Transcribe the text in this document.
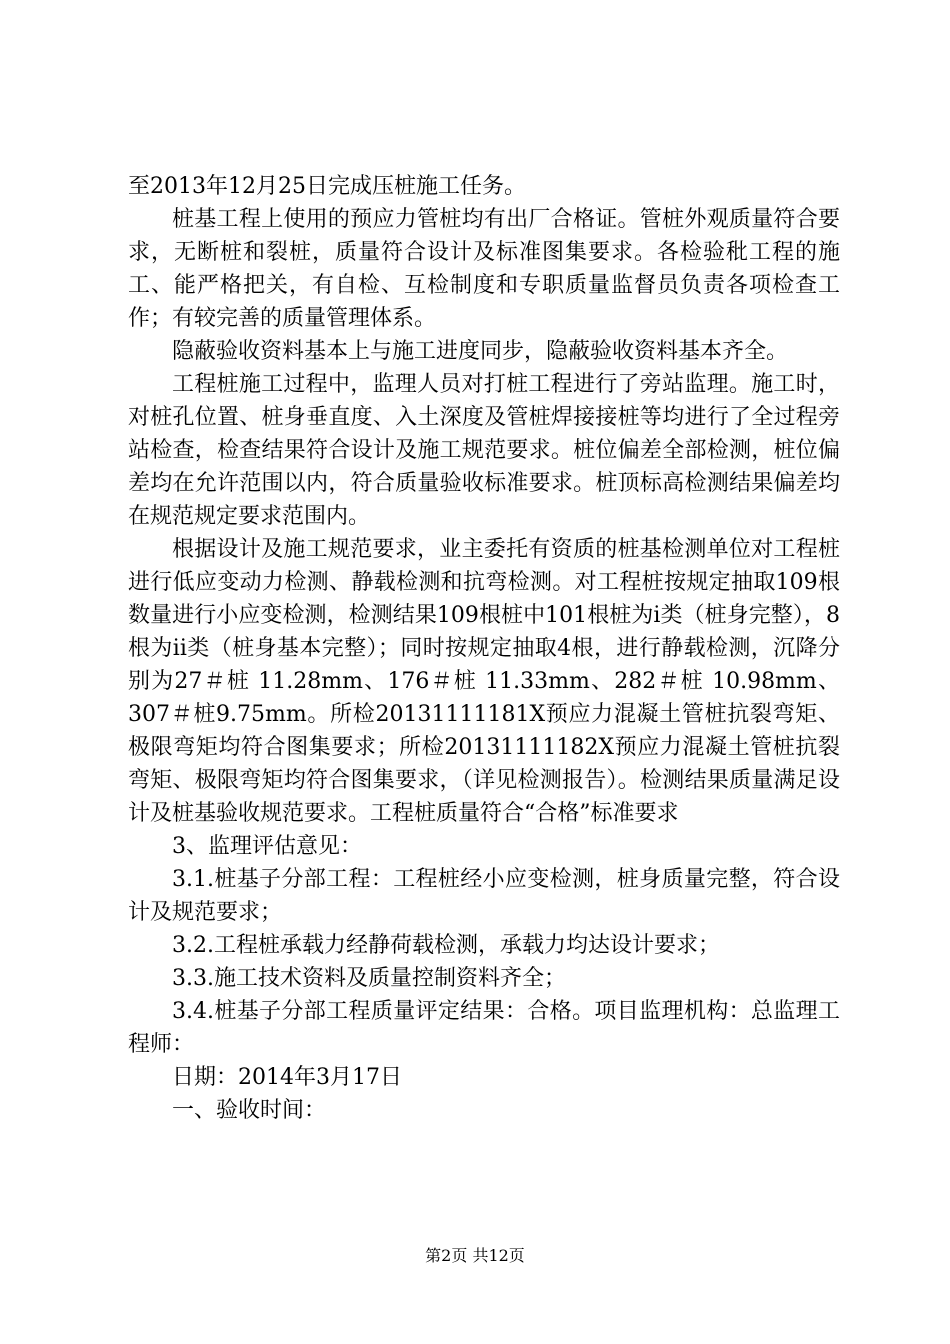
至2013年12月25日完成压桩施工任务。

桩基工程上使用的预应力管桩均有出厂合格证。管桩外观质量符合要求，无断桩和裂桩，质量符合设计及标准图集要求。各检验秕工程的施工、能严格把关，有自检、互检制度和专职质量监督员负责各项检查工作；有较完善的质量管理体系。

隐蔽验收资料基本上与施工进度同步，隐蔽验收资料基本齐全。

工程桩施工过程中，监理人员对打桩工程进行了旁站监理。施工时，对桩孔位置、桩身垂直度、入土深度及管桩焊接接桩等均进行了全过程旁站检查，检查结果符合设计及施工规范要求。桩位偏差全部检测，桩位偏差均在允许范围以内，符合质量验收标准要求。桩顶标高检测结果偏差均在规范规定要求范围内。

根据设计及施工规范要求，业主委托有资质的桩基检测单位对工程桩进行低应变动力检测、静载检测和抗弯检测。对工程桩按规定抽取109根数量进行小应变检测，检测结果109根桩中101根桩为i类（桩身完整），8根为ii类（桩身基本完整）；同时按规定抽取4根，进行静载检测，沉降分别为27＃桩 11.28mm、176＃桩 11.33mm、282＃桩 10.98mm、307＃桩9.75mm。所检20131111181X预应力混凝土管桩抗裂弯矩、极限弯矩均符合图集要求；所检20131111182X预应力混凝土管桩抗裂弯矩、极限弯矩均符合图集要求，（详见检测报告）。检测结果质量满足设计及桩基验收规范要求。工程桩质量符合“合格”标准要求

3、监理评估意见：

3.1.桩基子分部工程：工程桩经小应变检测，桩身质量完整，符合设计及规范要求；

3.2.工程桩承载力经静荷载检测，承载力均达设计要求；

3.3.施工技术资料及质量控制资料齐全；

3.4.桩基子分部工程质量评定结果：合格。项目监理机构：总监理工程师：

日期：2014年3月17日

一、验收时间：

第2页 共12页
